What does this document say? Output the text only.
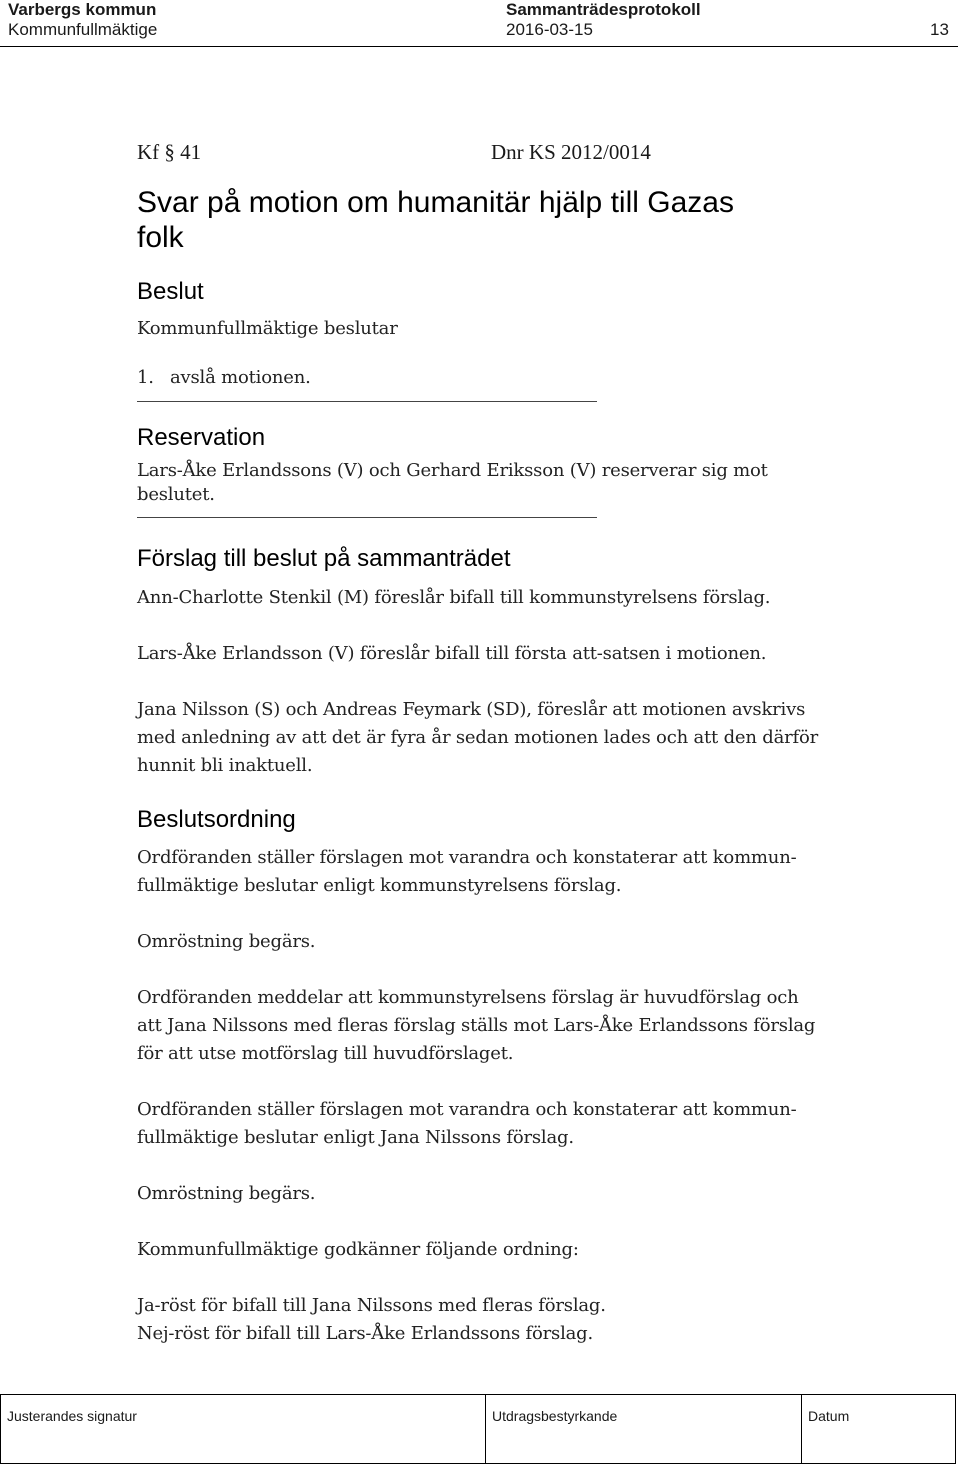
Varbergs kommun	Sammanträdesprotokoll
Kommunfullmäktige	2016-03-15	13
Kf § 41	Dnr KS 2012/0014
Svar på motion om humanitär hjälp till Gazas
folk
Beslut
Kommunfullmäktige beslutar
1. avslå motionen.
Reservation
Lars-Åke Erlandssons (V) och Gerhard Eriksson (V) reserverar sig mot
beslutet.
Förslag till beslut på sammanträdet
Ann-Charlotte Stenkil (M) föreslår bifall till kommunstyrelsens förslag.
Lars-Åke Erlandsson (V) föreslår bifall till första att-satsen i motionen.
Jana Nilsson (S) och Andreas Feymark (SD), föreslår att motionen avskrivs
med anledning av att det är fyra år sedan motionen lades och att den därför
hunnit bli inaktuell.
Beslutsordning
Ordföranden ställer förslagen mot varandra och konstaterar att kommun-
fullmäktige beslutar enligt kommunstyrelsens förslag.
Omröstning begärs.
Ordföranden meddelar att kommunstyrelsens förslag är huvudförslag och
att Jana Nilssons med fleras förslag ställs mot Lars-Åke Erlandssons förslag
för att utse motförslag till huvudförslaget.
Ordföranden ställer förslagen mot varandra och konstaterar att kommun-
fullmäktige beslutar enligt Jana Nilssons förslag.
Omröstning begärs.
Kommunfullmäktige godkänner följande ordning:
Ja-röst för bifall till Jana Nilssons med fleras förslag.
Nej-röst för bifall till Lars-Åke Erlandssons förslag.
Justerandes signatur	Utdragsbestyrkande	Datum
